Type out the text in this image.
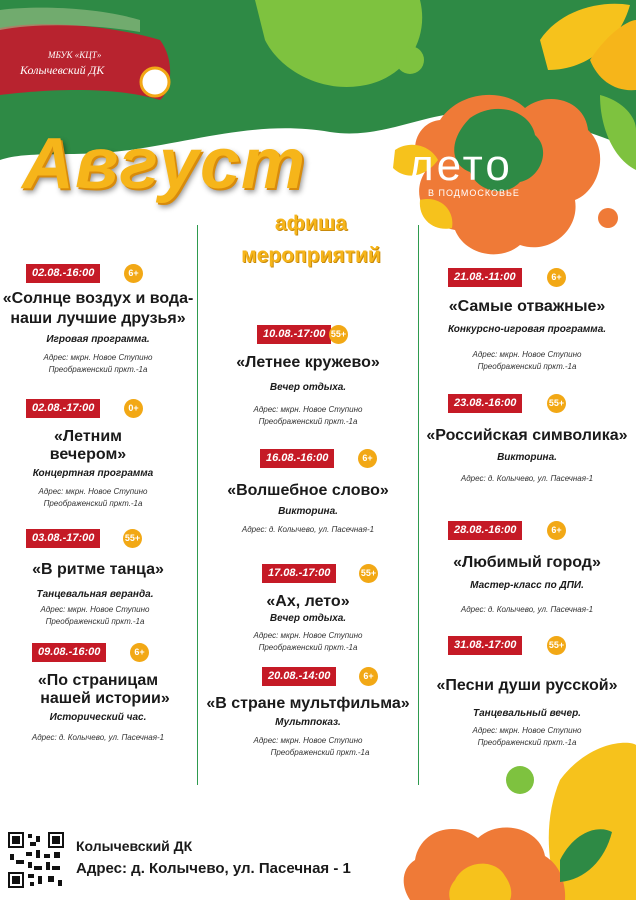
МБУК «КЦТ»
Колычевский ДК
Август лето
В ПОДМОСКОВЬЕ
афиша
мероприятий
02.08.-16:00	6+
«Солнце воздух и вода-
наши лучшие друзья»
Игровая программа.
Адрес: мкрн. Новое Ступино
Преображенский пркт.-1а
02.08.-17:00	0+
«Летним
вечером»
Концертная программа
Адрес: мкрн. Новое Ступино
Преображенский пркт.-1а
03.08.-17:00	55+
«В ритме танца»
Танцевальная веранда.
Адрес: мкрн. Новое Ступино
Преображенский пркт.-1а
09.08.-16:00	6+
«По страницам
нашей истории»
Исторический час.
Адрес: д. Колычево, ул. Пасечная-1
10.08.-17:00 55+
«Летнее кружево»
Вечер отдыха.
Адрес: мкрн. Новое Ступино
Преображенский пркт.-1а
16.08.-16:00	6+
«Волшебное слово»
Викторина.
Адрес: д. Колычево, ул. Пасечная-1
17.08.-17:00	55+
«Ах, лето»
Вечер отдыха.
Адрес: мкрн. Новое Ступино
Преображенский пркт.-1а
20.08.-14:00	6+
«В стране мультфильма»
Мультпоказ.
Адрес: мкрн. Новое Ступино
Преображенский пркт.-1а
21.08.-11:00	6+
«Самые отважные»
Конкурсно-игровая программа.
Адрес: мкрн. Новое Ступино
Преображенский пркт.-1а
23.08.-16:00	55+
«Российская символика»
Викторина.
Адрес: д. Колычево, ул. Пасечная-1
28.08.-16:00	6+
«Любимый город»
Мастер-класс по ДПИ.
Адрес: д. Колычево, ул. Пасечная-1
31.08.-17:00	55+
«Песни души русской»
Танцевальный вечер.
Адрес: мкрн. Новое Ступино
Преображенский пркт.-1а
Колычевский ДК
Адрес: д. Колычево, ул. Пасечная - 1
